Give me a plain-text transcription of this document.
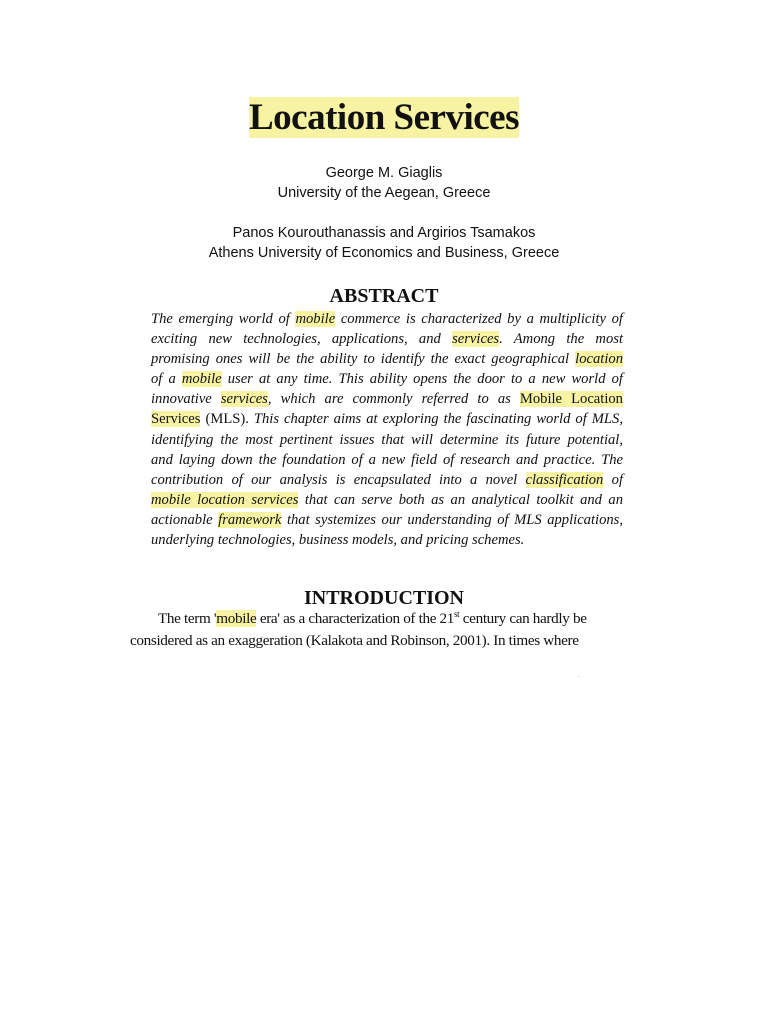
Location Services
George M. Giaglis
University of the Aegean, Greece
Panos Kourouthanassis and Argirios Tsamakos
Athens University of Economics and Business, Greece
ABSTRACT
The emerging world of mobile commerce is characterized by a multiplicity of
exciting new technologies, applications, and services. Among the most
promising ones will be the ability to identify the exact geographical location
of a mobile user at any time. This ability opens the door to a new world of
innovative services, which are commonly referred to as Mobile Location
Services (MLS). This chapter aims at exploring the fascinating world of MLS,
identifying the most pertinent issues that will determine its future potential,
and laying down the foundation of a new field of research and practice. The
contribution of our analysis is encapsulated into a novel classification of
mobile location services that can serve both as an analytical toolkit and an
actionable framework that systemizes our understanding of MLS applications,
underlying technologies, business models, and pricing schemes.
INTRODUCTION
The term 'mobile era' as a characterization of the 21st century can hardly be
considered as an exaggeration (Kalakota and Robinson, 2001). In times where
